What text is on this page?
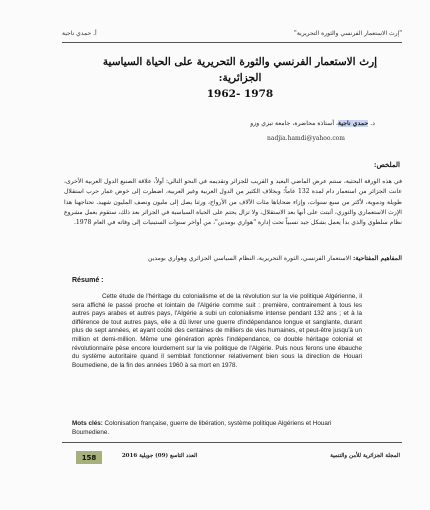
أ. حمدي ناجية	"إرث الاستعمار الفرنسي والثورة التحريرية"
إرث الاستعمار الفرنسي والثورة التحريرية على الحياة السياسية الجزائرية:
1978 -1962
د. حمدي ناجية، أستاذة محاضرة، جامعة تيزي وزو
nadjia.hamdi@yahoo.com
الملخص:
في هذه الورقة البحثية، سنتم عرض الماضي البعيد و القريب للجزائر وتقديمه في النحو التالي: أولاً، علاقة الصنيع الدول العربية الأخرى، عانت الجزائر من استعمار دام لمدة 132 عاماً؛ وبخلاف الكثير من الدول العربية وغير العربية، اضطرت إلى خوض غمار حرب استقلال طويلة ودموية، لأكثر من سبع سنوات، وإزاء ضحاياها مئات الآلاف من الأرواح، ورثنا يصل إلى مليون ونصف المليون شهيد. تحتاجهنا هذا الإرث الاستعماري والثوري، أثبتت على أنها بعد الاستقلال، ولا تزال يحتم على الحياة السياسية في الجزائر بعد ذلك، ستقوم بعمل مشروع نظام سلطوي والذي بدأ يعمل بشكل جيد نسبياً تحت إدارة "هواري بومدين"، من أواخر سنوات الستينيات إلى وفاته في العام 1978.
المفاهيم المفتاحية: الاستعمار الفرنسي، الثورة التحريرية، النظام السياسي الجزائري وهواري بومدين
Résumé :
Cette étude de l'héritage du colonialisme et de la révolution sur la vie politique Algérienne, il sera affiché le passé proche et lointain de l'Algérie comme suit : première, contrairement à tous les autres pays arabes et autres pays, l'Algérie a subi un colonialisme intense pendant 132 ans ; et à la différence de tout autres pays, elle a dû livrer une guerre d'indépendance longue et sanglante, durant plus de sept années, et ayant coûté des centaines de milliers de vies humaines, et peut-être jusqu'à un million et demi-million. Même une génération après l'indépendance, ce double héritage colonial et révolutionnaire pèse encore lourdement sur la vie politique de l'Algérie. Puis nous ferons une ébauche du système autoritaire quand il semblait fonctionner relativement bien sous la direction de Houari Boumediene, de la fin des années 1960 à sa mort en 1978.
Mots clés: Colonisation française, guerre de libération, système politique Algériens et Houari Boumediene.
158	العدد التاسع (09) جويلية 2016	المجلة الجزائرية للأمن والتنمية
